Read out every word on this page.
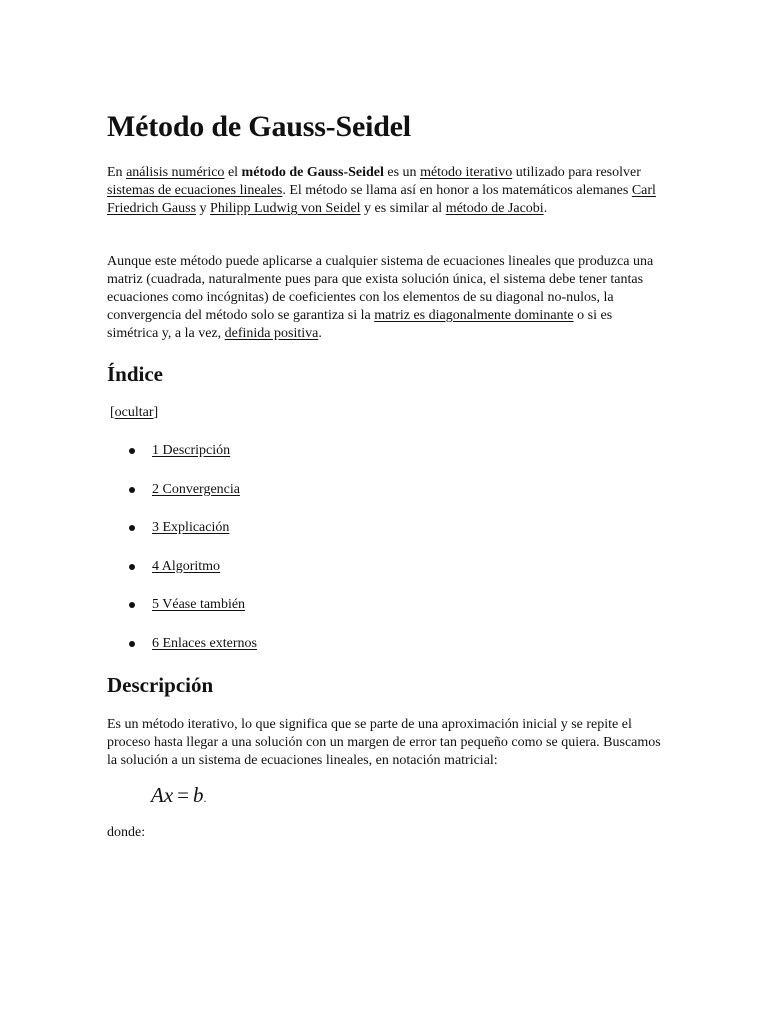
Método de Gauss-Seidel

En análisis numérico el método de Gauss-Seidel es un método iterativo utilizado para resolver sistemas de ecuaciones lineales. El método se llama así en honor a los matemáticos alemanes Carl Friedrich Gauss y Philipp Ludwig von Seidel y es similar al método de Jacobi.

Aunque este método puede aplicarse a cualquier sistema de ecuaciones lineales que produzca una matriz (cuadrada, naturalmente pues para que exista solución única, el sistema debe tener tantas ecuaciones como incógnitas) de coeficientes con los elementos de su diagonal no-nulos, la convergencia del método solo se garantiza si la matriz es diagonalmente dominante o si es simétrica y, a la vez, definida positiva.

Índice
[ocultar]
1 Descripción
2 Convergencia
3 Explicación
4 Algoritmo
5 Véase también
6 Enlaces externos
Descripción

Es un método iterativo, lo que significa que se parte de una aproximación inicial y se repite el proceso hasta llegar a una solución con un margen de error tan pequeño como se quiera. Buscamos la solución a un sistema de ecuaciones lineales, en notación matricial:

Ax = b.

donde:
